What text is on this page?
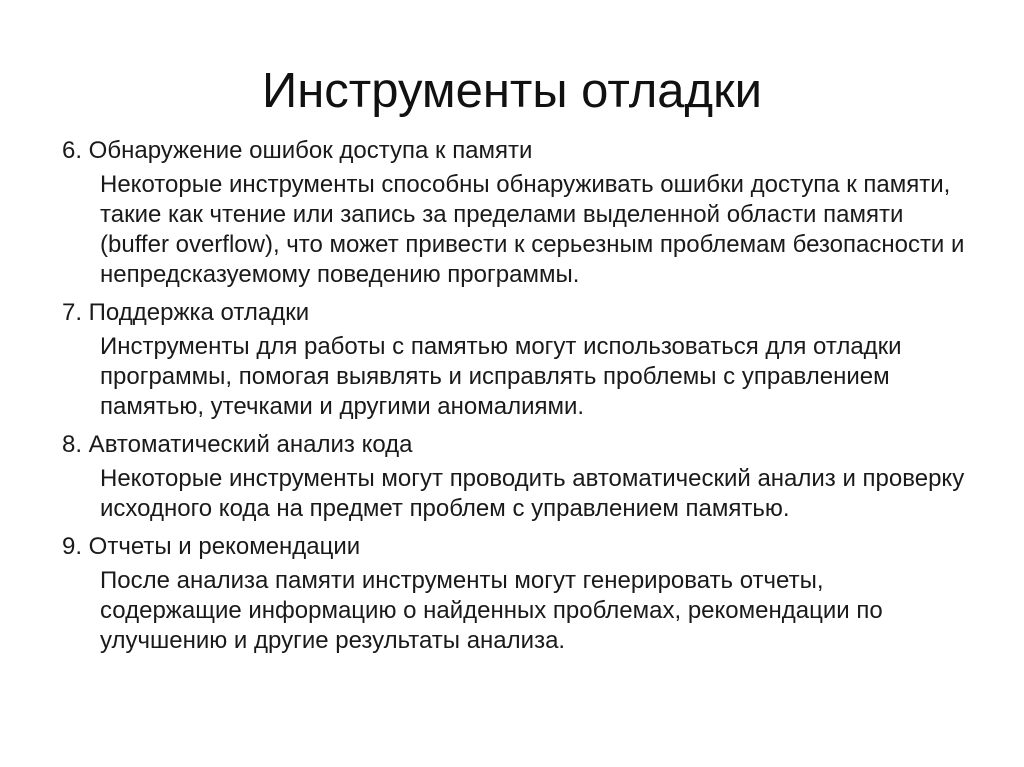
Инструменты отладки

6. Обнаружение ошибок доступа к памяти

Некоторые инструменты способны обнаруживать ошибки доступа к памяти, такие как чтение или запись за пределами выделенной области памяти (buffer overflow), что может привести к серьезным проблемам безопасности и непредсказуемому поведению программы.

7. Поддержка отладки

Инструменты для работы с памятью могут использоваться для отладки программы, помогая выявлять и исправлять проблемы с управлением памятью, утечками и другими аномалиями.

8. Автоматический анализ кода

Некоторые инструменты могут проводить автоматический анализ и проверку исходного кода на предмет проблем с управлением памятью.

9. Отчеты и рекомендации

После анализа памяти инструменты могут генерировать отчеты, содержащие информацию о найденных проблемах, рекомендации по улучшению и другие результаты анализа.
